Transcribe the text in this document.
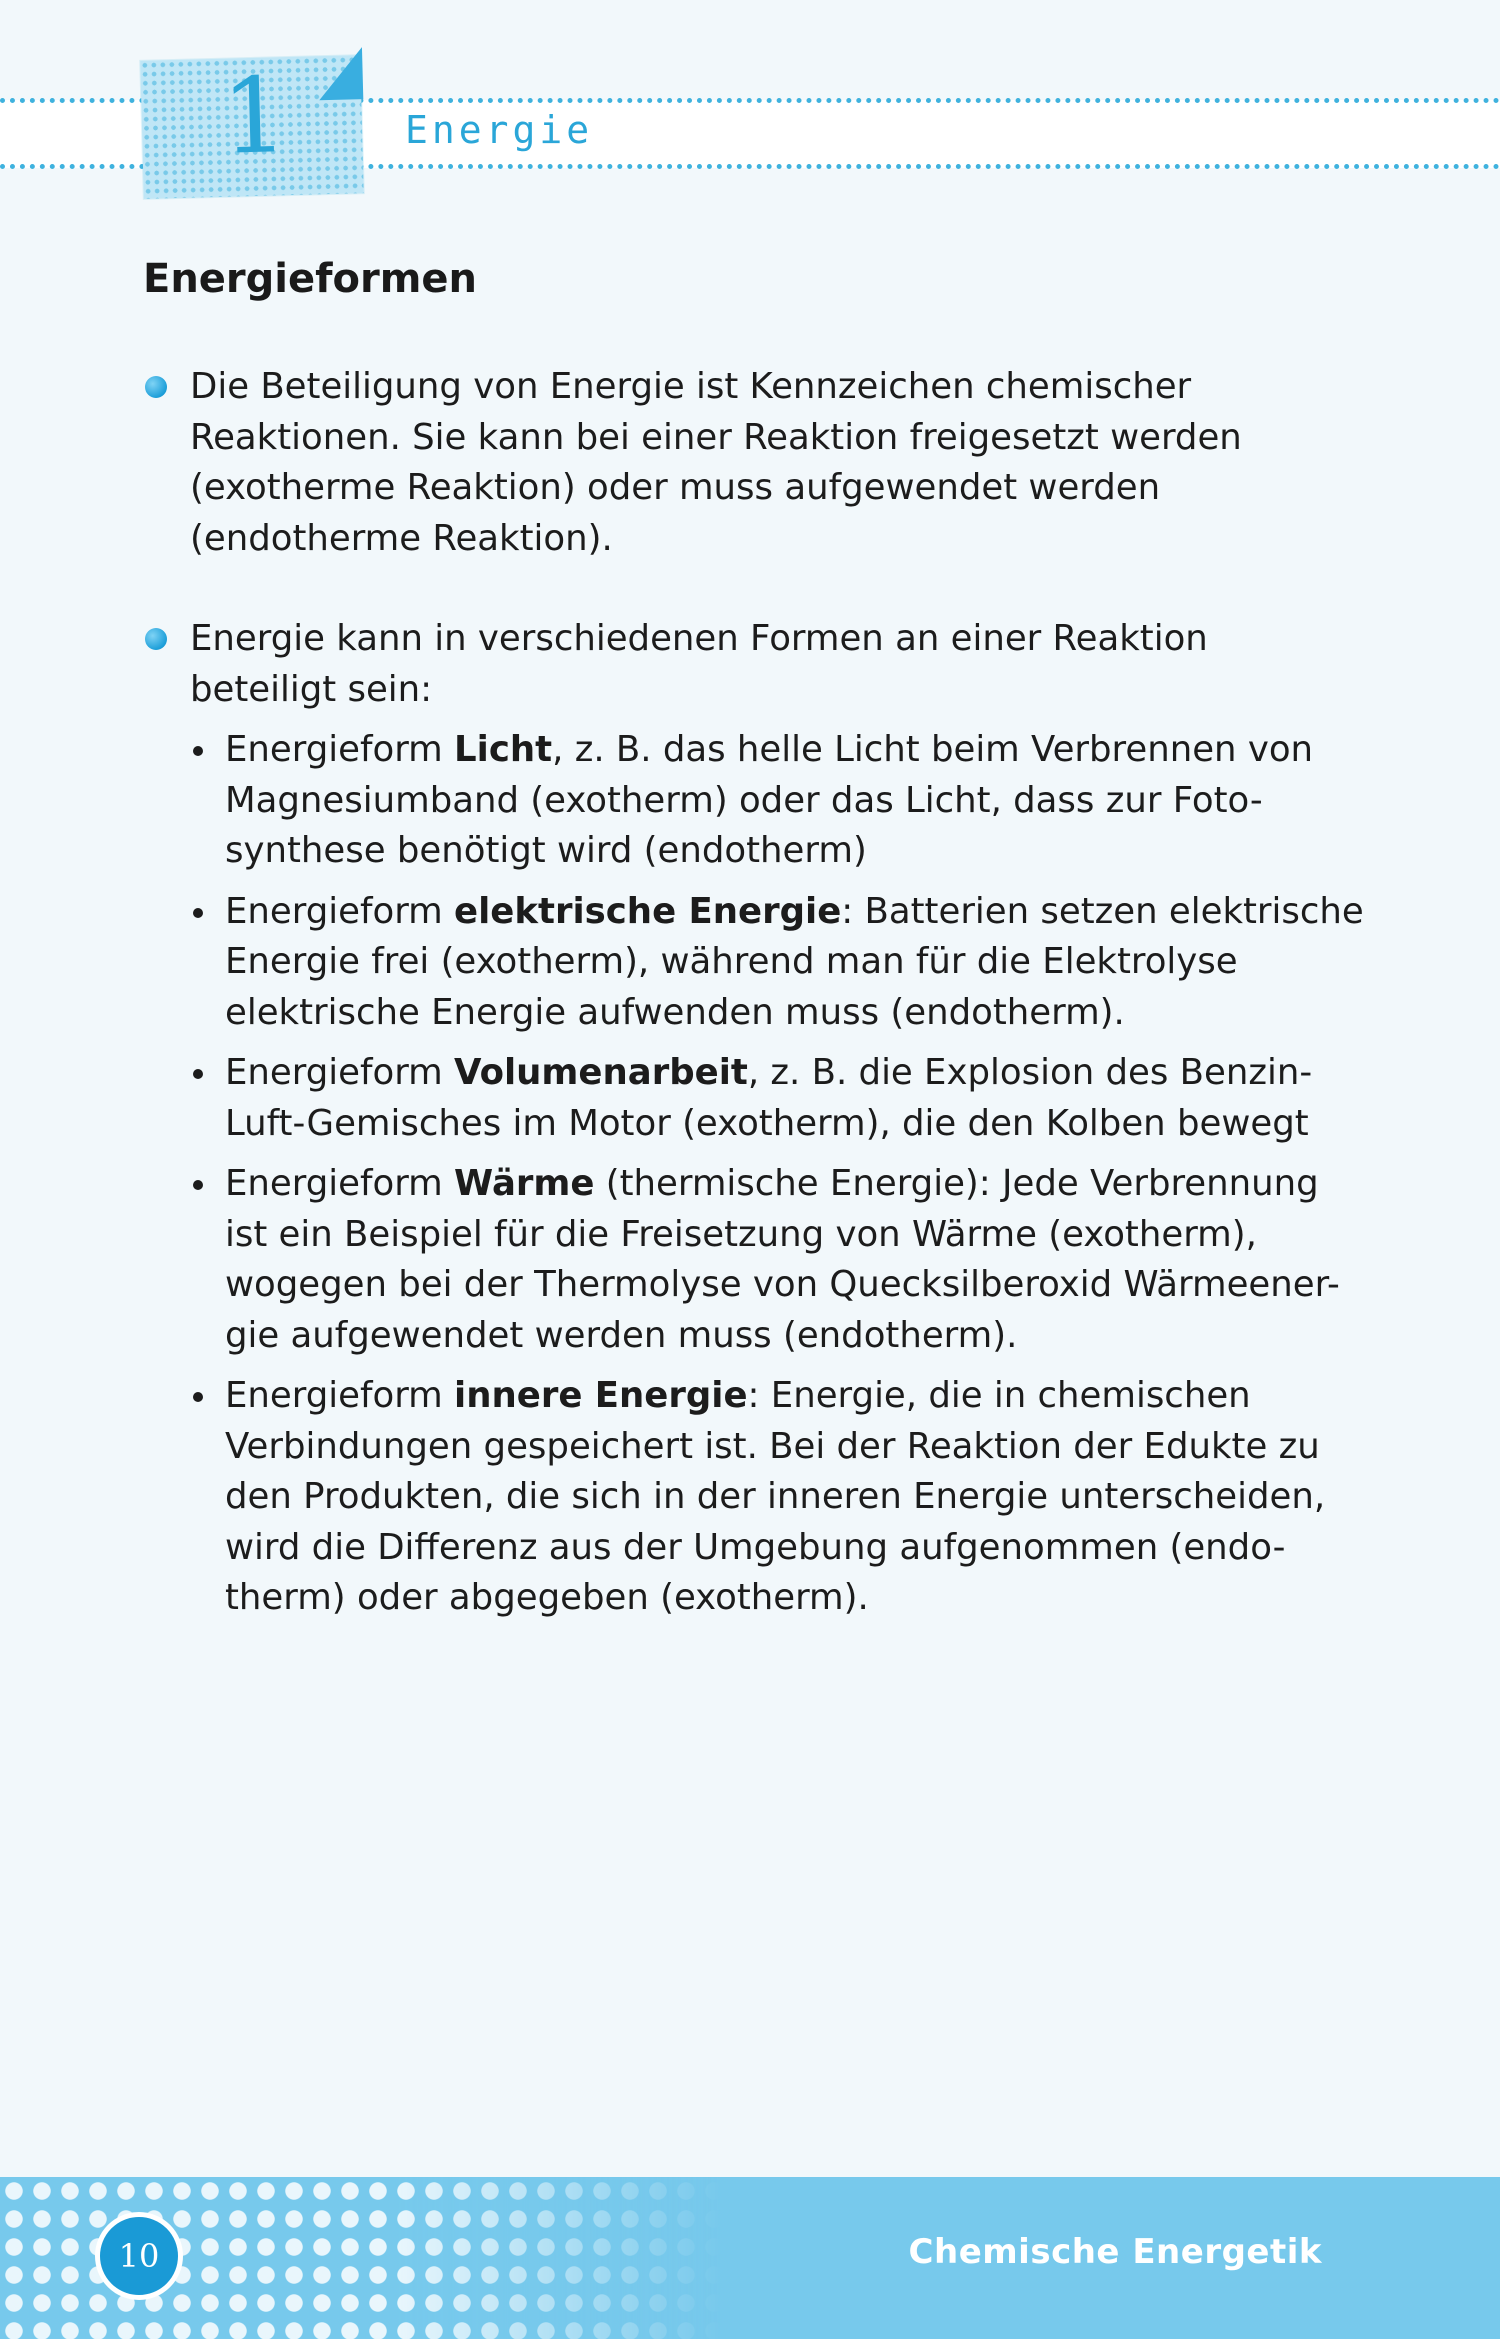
1	Energie
Energieformen
Die Beteiligung von Energie ist Kennzeichen chemischer
Reaktionen. Sie kann bei einer Reaktion freigesetzt werden
(exotherme Reaktion) oder muss aufgewendet werden
(endotherme Reaktion).
Energie kann in verschiedenen Formen an einer Reaktion
beteiligt sein:
Energieform Licht, z. B. das helle Licht beim Verbrennen von
Magnesiumband (exotherm) oder das Licht, dass zur Foto-
synthese benötigt wird (endotherm)
Energieform elektrische Energie: Batterien setzen elektrische
Energie frei (exotherm), während man für die Elektrolyse
elektrische Energie aufwenden muss (endotherm).
Energieform Volumenarbeit, z. B. die Explosion des Benzin-
Luft-Gemisches im Motor (exotherm), die den Kolben bewegt
Energieform Wärme (thermische Energie): Jede Verbrennung
ist ein Beispiel für die Freisetzung von Wärme (exotherm),
wogegen bei der Thermolyse von Quecksilberoxid Wärmeener-
gie aufgewendet werden muss (endotherm).
Energieform innere Energie: Energie, die in chemischen
Verbindungen gespeichert ist. Bei der Reaktion der Edukte zu
den Produkten, die sich in der inneren Energie unterscheiden,
wird die Differenz aus der Umgebung aufgenommen (endo-
therm) oder abgegeben (exotherm).
10	Chemische Energetik
